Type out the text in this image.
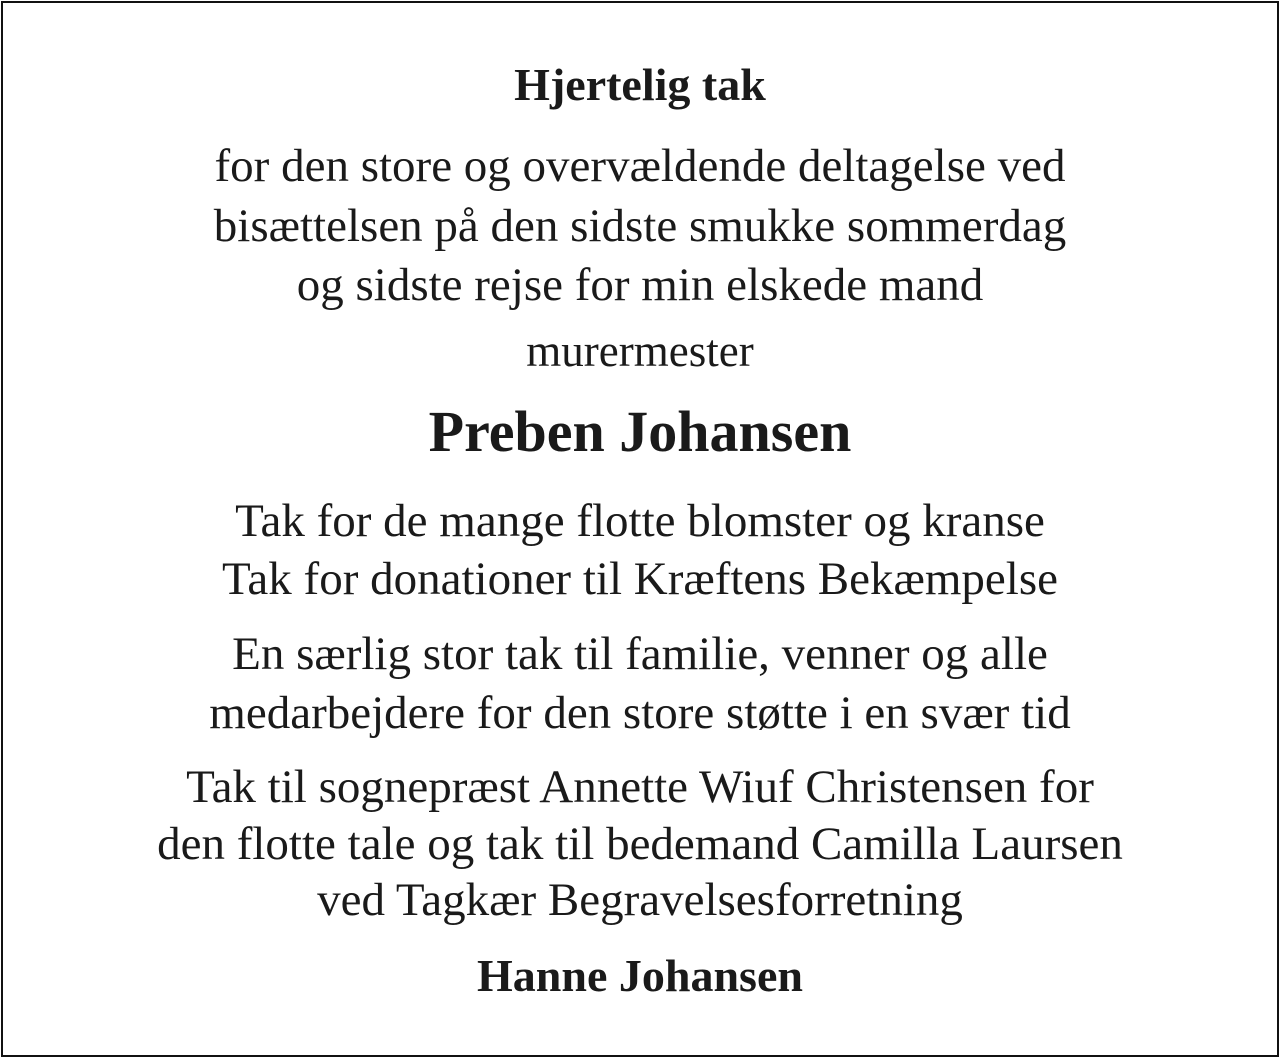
Hjertelig tak

for den store og overvældende deltagelse ved

bisættelsen på den sidste smukke sommerdag

og sidste rejse for min elskede mand

murermester

Preben Johansen

Tak for de mange flotte blomster og kranse

Tak for donationer til Kræftens Bekæmpelse

En særlig stor tak til familie, venner og alle

medarbejdere for den store støtte i en svær tid

Tak til sognepræst Annette Wiuf Christensen for

den flotte tale og tak til bedemand Camilla Laursen

ved Tagkær Begravelsesforretning

Hanne Johansen
